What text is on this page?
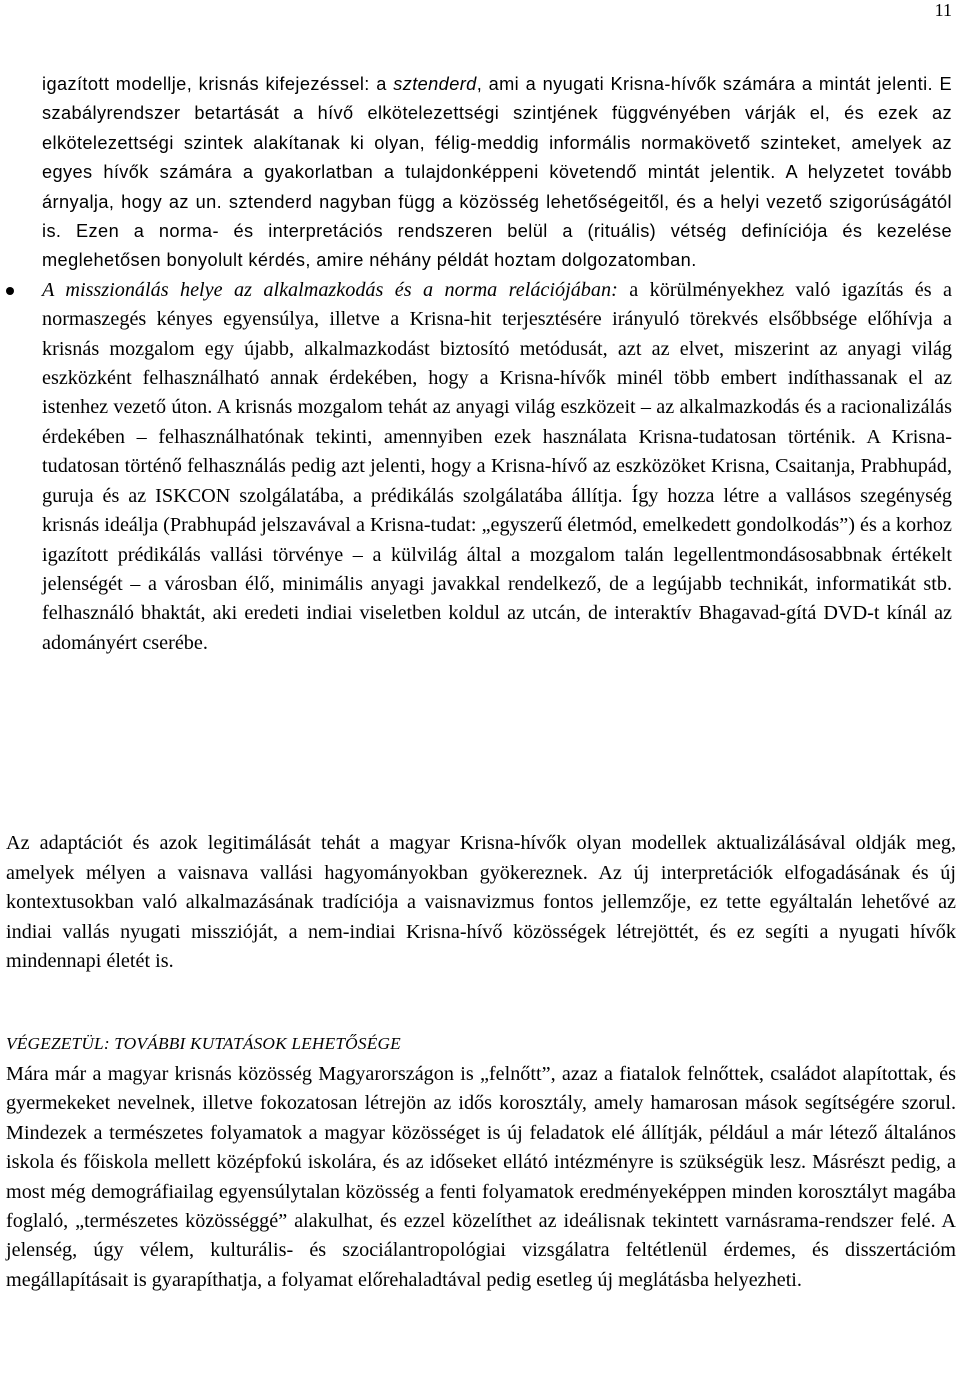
11
igazított modellje, krisnás kifejezéssel: a sztenderd, ami a nyugati Krisna-hívők számára a mintát jelenti. E szabályrendszer betartását a hívő elkötelezettségi szintjének függvényében várják el, és ezek az elkötelezettségi szintek alakítanak ki olyan, félig-meddig informális normakövető szinteket, amelyek az egyes hívők számára a gyakorlatban a tulajdonképpeni követendő mintát jelentik. A helyzetet tovább árnyalja, hogy az un. sztenderd nagyban függ a közösség lehetőségeitől, és a helyi vezető szigorúságától is. Ezen a norma- és interpretációs rendszeren belül a (rituális) vétség definíciója és kezelése meglehetősen bonyolult kérdés, amire néhány példát hoztam dolgozatomban.
A misszionálás helye az alkalmazkodás és a norma relációjában: a körülményekhez való igazítás és a normaszegés kényes egyensúlya, illetve a Krisna-hit terjesztésére irányuló törekvés elsőbbsége előhívja a krisnás mozgalom egy újabb, alkalmazkodást biztosító metódusát, azt az elvet, miszerint az anyagi világ eszközként felhasználható annak érdekében, hogy a Krisna-hívők minél több embert indíthassanak el az istenhez vezető úton. A krisnás mozgalom tehát az anyagi világ eszközeit – az alkalmazkodás és a racionalizálás érdekében – felhasználhatónak tekinti, amennyiben ezek használata Krisna-tudatosan történik. A Krisna-tudatosan történő felhasználás pedig azt jelenti, hogy a Krisna-hívő az eszközöket Krisna, Csaitanja, Prabhupád, guruja és az ISKCON szolgálatába, a prédikálás szolgálatába állítja. Így hozza létre a vallásos szegénység krisnás ideálja (Prabhupád jelszavával a Krisna-tudat: „egyszerű életmód, emelkedett gondolkodás”) és a korhoz igazított prédikálás vallási törvénye – a külvilág által a mozgalom talán legellentmondásosabbnak értékelt jelenségét – a városban élő, minimális anyagi javakkal rendelkező, de a legújabb technikát, informatikát stb. felhasználó bhaktát, aki eredeti indiai viseletben koldul az utcán, de interaktív Bhagavad-gítá DVD-t kínál az adományért cserébe.
Az adaptációt és azok legitimálását tehát a magyar Krisna-hívők olyan modellek aktualizálásával oldják meg, amelyek mélyen a vaisnava vallási hagyományokban gyökereznek. Az új interpretációk elfogadásának és új kontextusokban való alkalmazásának tradíciója a vaisnavizmus fontos jellemzője, ez tette egyáltalán lehetővé az indiai vallás nyugati misszióját, a nem-indiai Krisna-hívő közösségek létrejöttét, és ez segíti a nyugati hívők mindennapi életét is.
VÉGEZETÜL: TOVÁBBI KUTATÁSOK LEHETŐSÉGE
Mára már a magyar krisnás közösség Magyarországon is „felnőtt”, azaz a fiatalok felnőttek, családot alapítottak, és gyermekeket nevelnek, illetve fokozatosan létrejön az idős korosztály, amely hamarosan mások segítségére szorul. Mindezek a természetes folyamatok a magyar közösséget is új feladatok elé állítják, például a már létező általános iskola és főiskola mellett középfokú iskolára, és az időseket ellátó intézményre is szükségük lesz. Másrészt pedig, a most még demográfiailag egyensúlytalan közösség a fenti folyamatok eredményeképpen minden korosztályt magába foglaló, „természetes közösséggé” alakulhat, és ezzel közelíthet az ideálisnak tekintett varnásrama-rendszer felé. A jelenség, úgy vélem, kulturális- és szociálantropológiai vizsgálatra feltétlenül érdemes, és disszertációm megállapításait is gyarapíthatja, a folyamat előrehaladtával pedig esetleg új meglátásba helyezheti.
